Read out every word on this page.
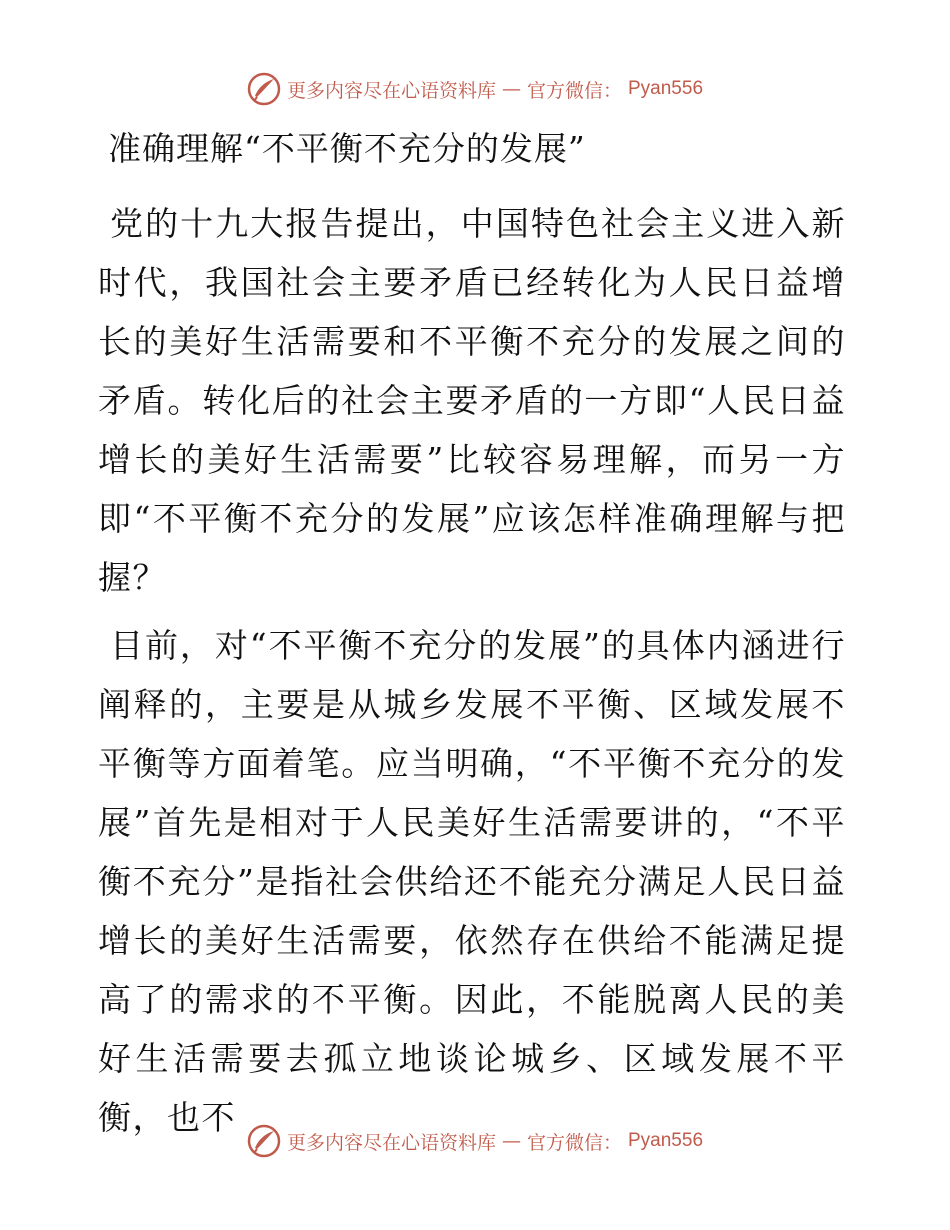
更多内容尽在心语资料库 — 官方微信： Pyan556
准确理解“不平衡不充分的发展”

党的十九大报告提出，中国特色社会主义进入新时代，我国社会主要矛盾已经转化为人民日益增长的美好生活需要和不平衡不充分的发展之间的矛盾。转化后的社会主要矛盾的一方即“人民日益增长的美好生活需要”比较容易理解，而另一方即“不平衡不充分的发展”应该怎样准确理解与把握？

目前，对“不平衡不充分的发展”的具体内涵进行阐释的，主要是从城乡发展不平衡、区域发展不平衡等方面着笔。应当明确，“不平衡不充分的发展”首先是相对于人民美好生活需要讲的，“不平衡不充分”是指社会供给还不能充分满足人民日益增长的美好生活需要，依然存在供给不能满足提高了的需求的不平衡。因此，不能脱离人民的美好生活需要去孤立地谈论城乡、区域发展不平衡，也不

更多内容尽在心语资料库 — 官方微信： Pyan556
